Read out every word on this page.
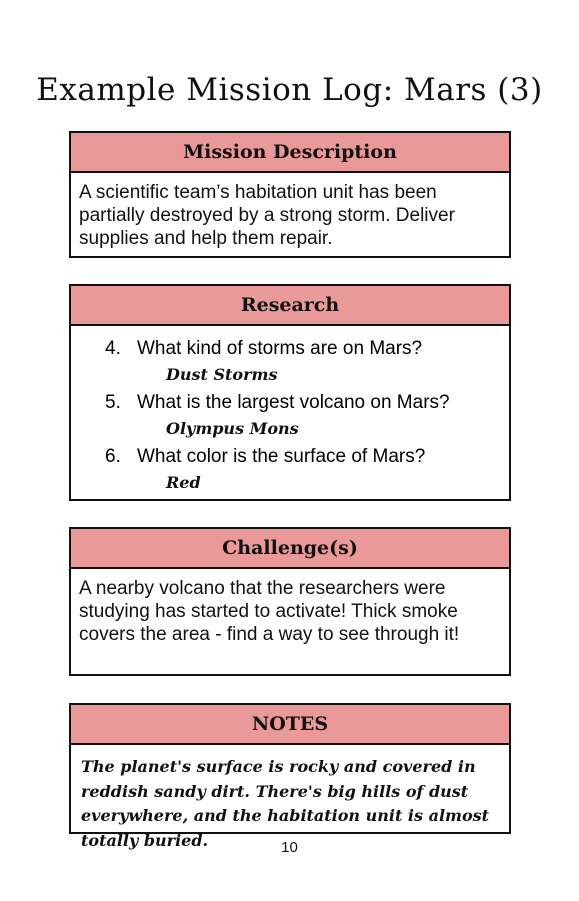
Example Mission Log: Mars (3)
Mission Description
A scientific team’s habitation unit has been partially destroyed by a strong storm. Deliver supplies and help them repair.
Research
4. What kind of storms are on Mars?
Dust Storms
5. What is the largest volcano on Mars?
Olympus Mons
6. What color is the surface of Mars?
Red
Challenge(s)
A nearby volcano that the researchers were studying has started to activate! Thick smoke covers the area - find a way to see through it!
NOTES
The planet's surface is rocky and covered in reddish sandy dirt. There's big hills of dust everywhere, and the habitation unit is almost totally buried.	10
